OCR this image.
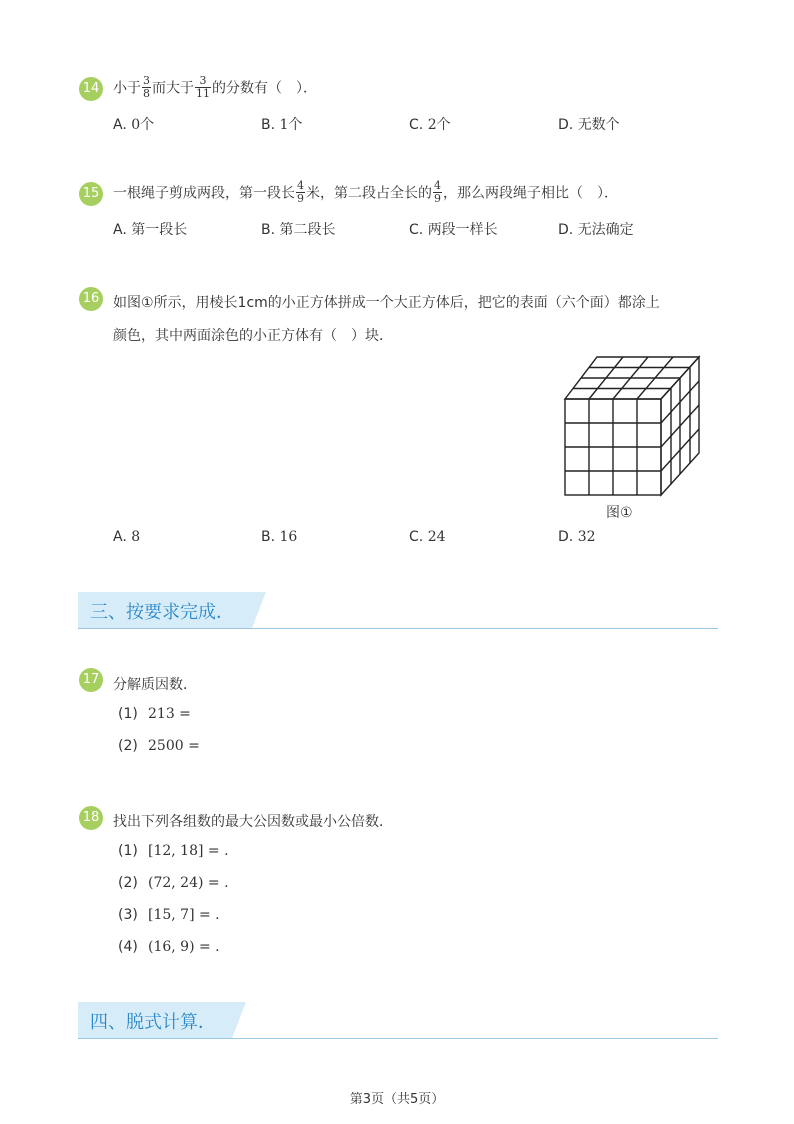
14 小于 $\frac{3}{8}$ 而大于 $\frac{3}{11}$ 的分数有（　）．
A. 0个	B. 1个	C. 2个	D. 无数个
15 一根绳子剪成两段，第一段长 $\frac{4}{9}$ 米，第二段占全长的 $\frac{4}{9}$ ，那么两段绳子相比（　）．
A. 第一段长	B. 第二段长	C. 两段一样长	D. 无法确定
16 如图①所示，用棱长1cm的小正方体拼成一个大正方体后，把它的表面（六个面）都涂上
颜色，其中两面涂色的小正方体有（　）块．
图①
A. 8	B. 16	C. 24	D. 32
三、按要求完成．
17 分解质因数．
(1) 213 =
(2) 2500 =
18 找出下列各组数的最大公因数或最小公倍数．
(1) [12, 18] = .
(2) (72, 24) = .
(3) [15, 7] = .
(4) (16, 9) = .
四、脱式计算．
第3页（共5页）
